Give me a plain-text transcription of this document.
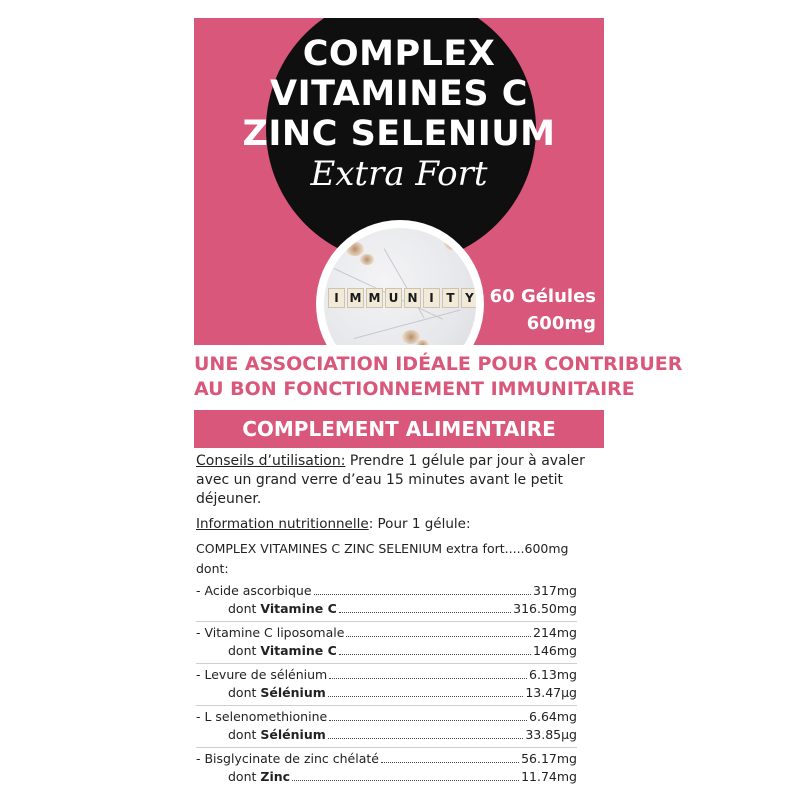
COMPLEX
VITAMINES C
ZINC SELENIUM
Extra Fort
I M M U N I	T Y 60 Gélules
600mg
UNE ASSOCIATION IDÉALE POUR CONTRIBUER
AU BON FONCTIONNEMENT IMMUNITAIRE
COMPLEMENT ALIMENTAIRE
Conseils d’utilisation: Prendre 1 gélule par jour à avaler avec un grand verre d’eau 15 minutes avant le petit déjeuner.
Information nutritionnelle: Pour 1 gélule:
COMPLEX VITAMINES C ZINC SELENIUM extra fort.....600mg
dont:
- Acide ascorbique	317mg
dont Vitamine C	316.50mg
- Vitamine C liposomale	214mg
dont Vitamine C	146mg
- Levure de sélénium	6.13mg
dont Sélénium	13.47µg
- L selenomethionine	6.64mg
dont Sélénium	33.85µg
- Bisglycinate de zinc chélaté	56.17mg
dont Zinc	11.74mg
